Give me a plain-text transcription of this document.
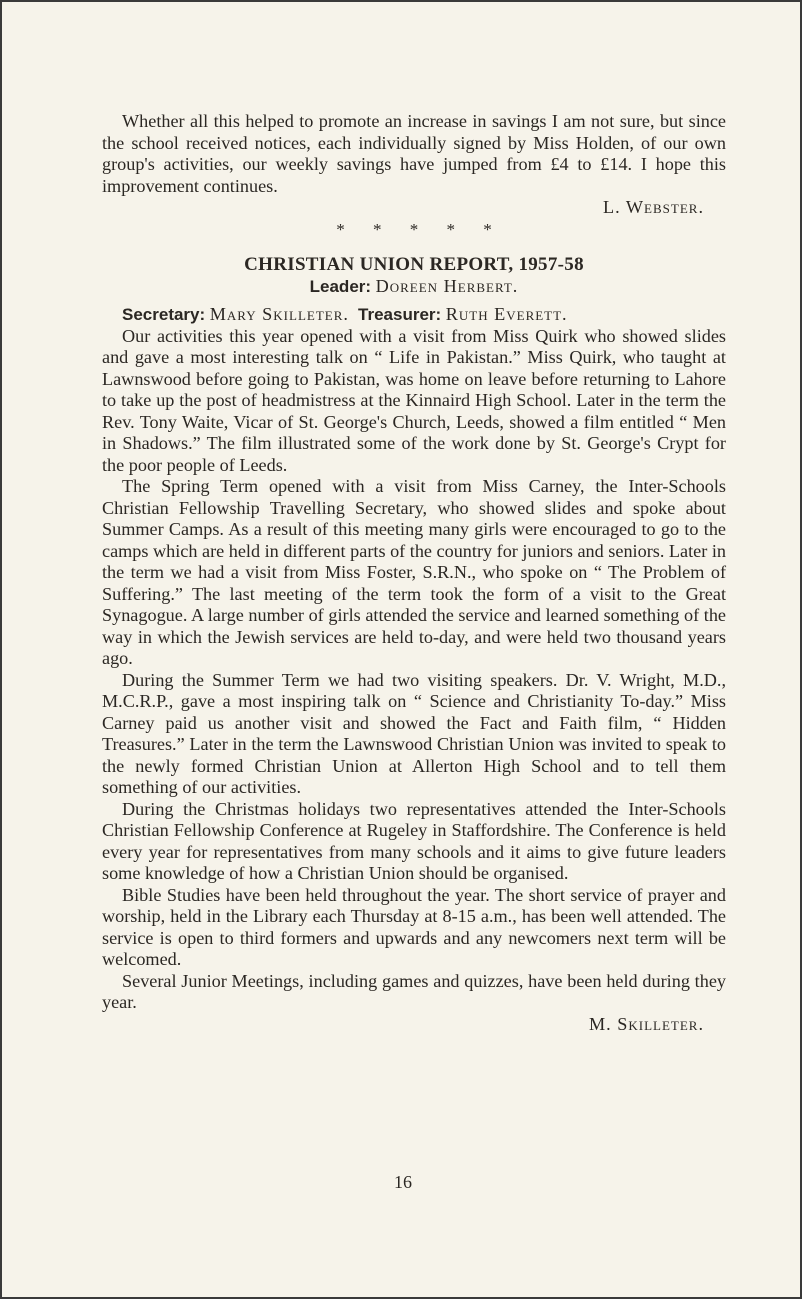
Whether all this helped to promote an increase in savings I am not sure, but since the school received notices, each individually signed by Miss Holden, of our own group's activities, our weekly savings have jumped from £4 to £14. I hope this improvement continues.

L. Webster.

* * * * *

CHRISTIAN UNION REPORT, 1957-58

Leader: Doreen Herbert.

Secretary: Mary Skilleter. Treasurer: Ruth Everett.

Our activities this year opened with a visit from Miss Quirk who showed slides and gave a most interesting talk on “ Life in Pakistan.” Miss Quirk, who taught at Lawnswood before going to Pakistan, was home on leave before returning to Lahore to take up the post of headmistress at the Kinnaird High School. Later in the term the Rev. Tony Waite, Vicar of St. George's Church, Leeds, showed a film entitled “ Men in Shadows.” The film illustrated some of the work done by St. George's Crypt for the poor people of Leeds.

The Spring Term opened with a visit from Miss Carney, the Inter-Schools Christian Fellowship Travelling Secretary, who showed slides and spoke about Summer Camps. As a result of this meeting many girls were encouraged to go to the camps which are held in different parts of the country for juniors and seniors. Later in the term we had a visit from Miss Foster, S.R.N., who spoke on “ The Problem of Suffering.” The last meeting of the term took the form of a visit to the Great Synagogue. A large number of girls attended the service and learned something of the way in which the Jewish services are held to-day, and were held two thousand years ago.

During the Summer Term we had two visiting speakers. Dr. V. Wright, M.D., M.C.R.P., gave a most inspiring talk on “ Science and Christianity To-day.” Miss Carney paid us another visit and showed the Fact and Faith film, “ Hidden Treasures.” Later in the term the Lawnswood Christian Union was invited to speak to the newly formed Christian Union at Allerton High School and to tell them something of our activities.

During the Christmas holidays two representatives attended the Inter-Schools Christian Fellowship Conference at Rugeley in Staffordshire. The Conference is held every year for representatives from many schools and it aims to give future leaders some knowledge of how a Christian Union should be organised.

Bible Studies have been held throughout the year. The short service of prayer and worship, held in the Library each Thursday at 8-15 a.m., has been well attended. The service is open to third formers and upwards and any newcomers next term will be welcomed.

Several Junior Meetings, including games and quizzes, have been held during they year.

M. Skilleter.

16
